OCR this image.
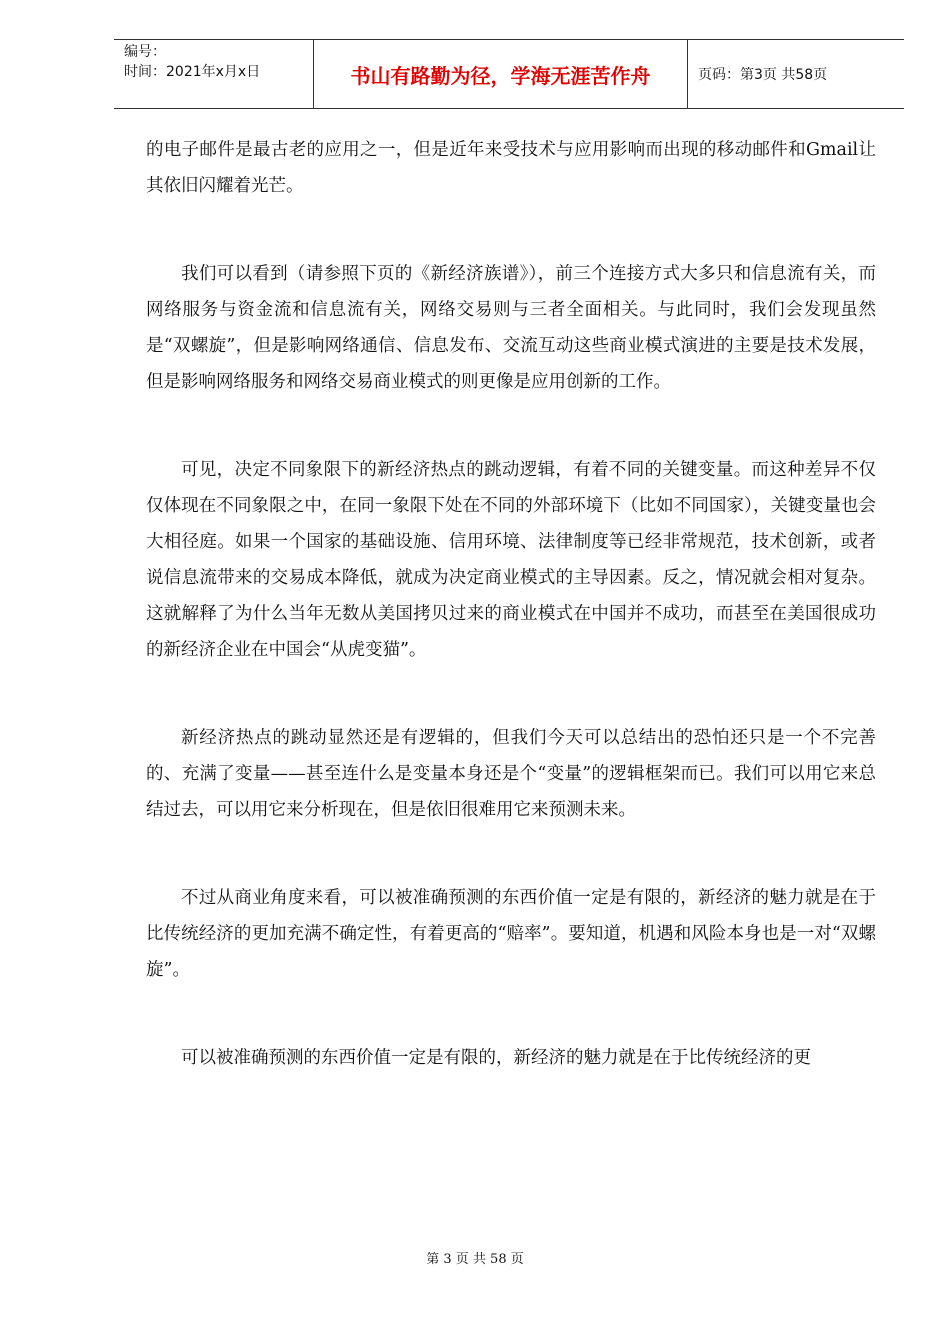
编号：
时间：2021年x月x日	书山有路勤为径，学海无涯苦作舟	页码：第3页 共58页

的电子邮件是最古老的应用之一，但是近年来受技术与应用影响而出现的移动邮件和Gmail让其依旧闪耀着光芒。

我们可以看到（请参照下页的《新经济族谱》），前三个连接方式大多只和信息流有关，而网络服务与资金流和信息流有关，网络交易则与三者全面相关。与此同时，我们会发现虽然是“双螺旋”，但是影响网络通信、信息发布、交流互动这些商业模式演进的主要是技术发展，但是影响网络服务和网络交易商业模式的则更像是应用创新的工作。

可见，决定不同象限下的新经济热点的跳动逻辑，有着不同的关键变量。而这种差异不仅仅体现在不同象限之中，在同一象限下处在不同的外部环境下（比如不同国家），关键变量也会大相径庭。如果一个国家的基础设施、信用环境、法律制度等已经非常规范，技术创新，或者说信息流带来的交易成本降低，就成为决定商业模式的主导因素。反之，情况就会相对复杂。这就解释了为什么当年无数从美国拷贝过来的商业模式在中国并不成功，而甚至在美国很成功的新经济企业在中国会“从虎变猫”。

新经济热点的跳动显然还是有逻辑的，但我们今天可以总结出的恐怕还只是一个不完善的、充满了变量——甚至连什么是变量本身还是个“变量”的逻辑框架而已。我们可以用它来总结过去，可以用它来分析现在，但是依旧很难用它来预测未来。

不过从商业角度来看，可以被准确预测的东西价值一定是有限的，新经济的魅力就是在于比传统经济的更加充满不确定性，有着更高的“赔率”。要知道，机遇和风险本身也是一对“双螺旋”。

可以被准确预测的东西价值一定是有限的，新经济的魅力就是在于比传统经济的更

第 3 页 共 58 页
